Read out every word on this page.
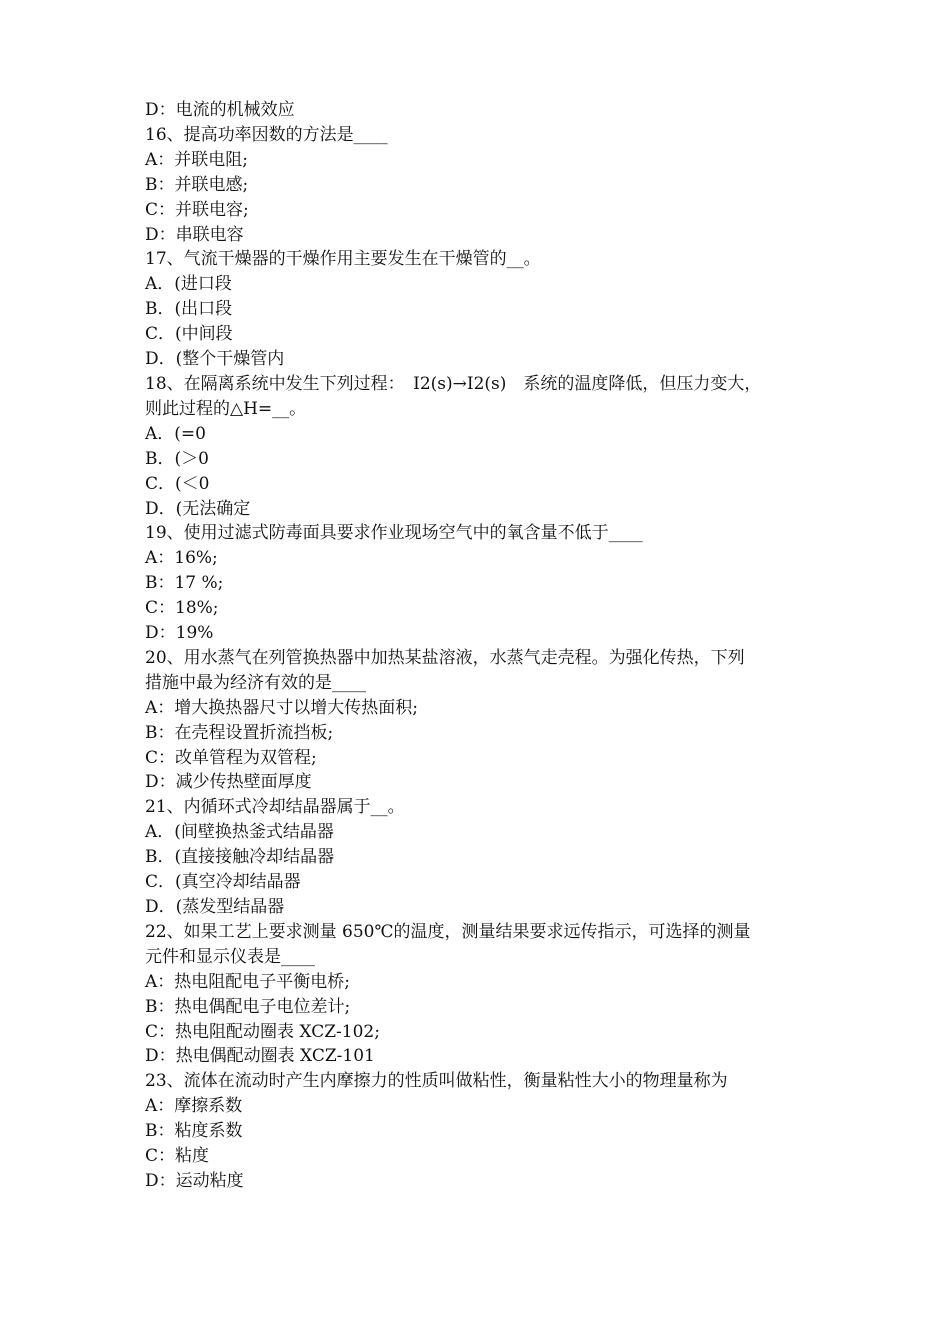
D：电流的机械效应
16、提高功率因数的方法是____
A：并联电阻;
B：并联电感;
C：并联电容;
D：串联电容
17、气流干燥器的干燥作用主要发生在干燥管的__。
A．(进口段
B．(出口段
C．(中间段
D．(整个干燥管内
18、在隔离系统中发生下列过程：　I2(s)→I2(s)　系统的温度降低，但压力变大，
则此过程的△H=__。
A．(=0
B．(＞0
C．(＜0
D．(无法确定
19、使用过滤式防毒面具要求作业现场空气中的氧含量不低于____
A：16%;
B：17 %;
C：18%;
D：19%
20、用水蒸气在列管换热器中加热某盐溶液，水蒸气走壳程。为强化传热，下列
措施中最为经济有效的是____
A：增大换热器尺寸以增大传热面积;
B：在壳程设置折流挡板;
C：改单管程为双管程;
D：减少传热壁面厚度
21、内循环式冷却结晶器属于__。
A．(间壁换热釜式结晶器
B．(直接接触冷却结晶器
C．(真空冷却结晶器
D．(蒸发型结晶器
22、如果工艺上要求测量 650℃的温度，测量结果要求远传指示，可选择的测量
元件和显示仪表是____
A：热电阻配电子平衡电桥;
B：热电偶配电子电位差计;
C：热电阻配动圈表 XCZ-102;
D：热电偶配动圈表 XCZ-101
23、流体在流动时产生内摩擦力的性质叫做粘性，衡量粘性大小的物理量称为
A：摩擦系数
B：粘度系数
C：粘度
D：运动粘度
